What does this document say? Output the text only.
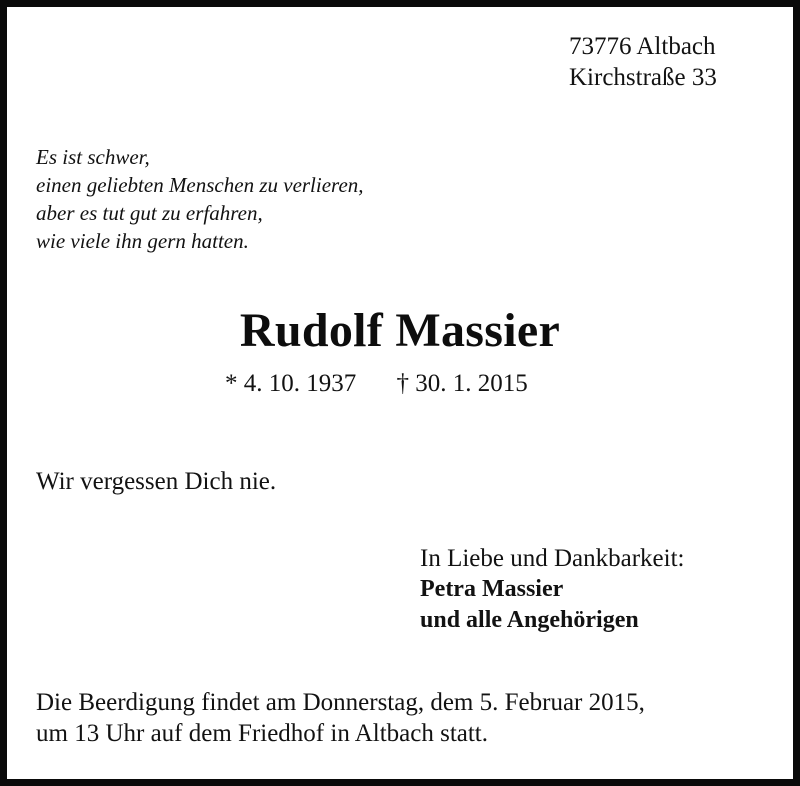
73776 Altbach
Kirchstraße 33
Es ist schwer,
einen geliebten Menschen zu verlieren,
aber es tut gut zu erfahren,
wie viele ihn gern hatten.
Rudolf Massier
* 4. 10. 1937 † 30. 1. 2015
Wir vergessen Dich nie.
In Liebe und Dankbarkeit:
Petra Massier
und alle Angehörigen
Die Beerdigung findet am Donnerstag, dem 5. Februar 2015,
um 13 Uhr auf dem Friedhof in Altbach statt.
